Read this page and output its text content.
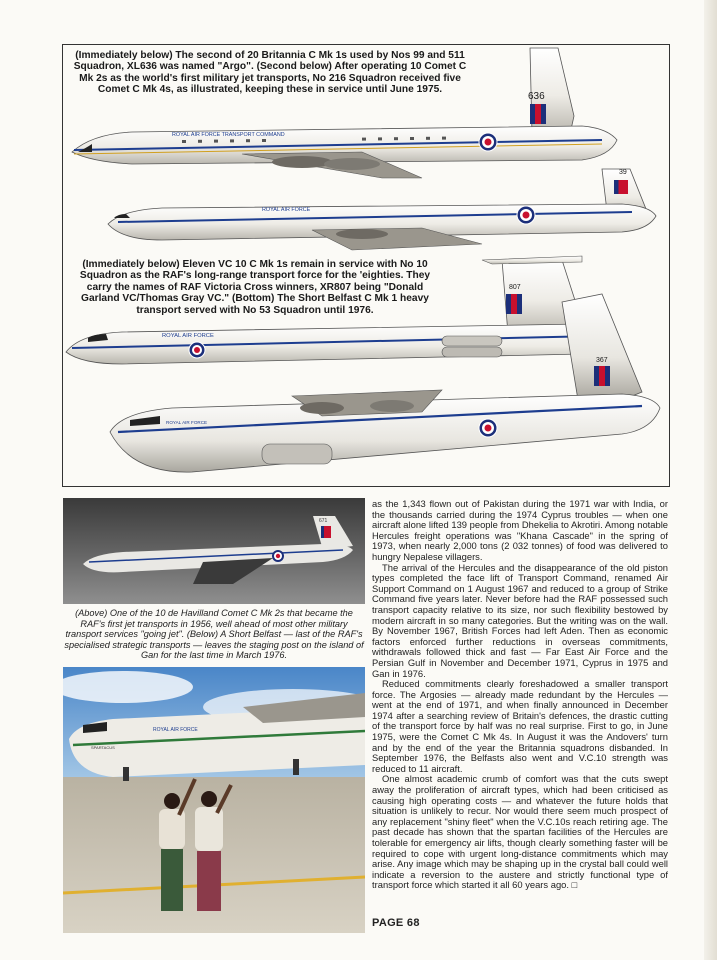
636
ROYAL AIR FORCE TRANSPORT COMMAND
39
ROYAL AIR FORCE
807
ROYAL AIR FORCE
367
ROYAL AIR FORCE
(Immediately below) The second of 20 Britannia C Mk 1s used by Nos 99 and 511 Squadron, XL636 was named "Argo". (Second below) After operating 10 Comet C Mk 2s as the world's first military jet transports, No 216 Squadron received five Comet C Mk 4s, as illustrated, keeping these in service until June 1975.
(Immediately below) Eleven VC 10 C Mk 1s remain in service with No 10 Squadron as the RAF's long-range transport force for the 'eighties. They carry the names of RAF Victoria Cross winners, XR807 being "Donald Garland VC/Thomas Gray VC." (Bottom) The Short Belfast C Mk 1 heavy transport served with No 53 Squadron until 1976.
671
(Above) One of the 10 de Havilland Comet C Mk 2s that became the RAF's first jet transports in 1956, well ahead of most other military transport services "going jet". (Below) A Short Belfast — last of the RAF's specialised strategic transports — leaves the staging post on the island of Gan for the last time in March 1976.
ROYAL AIR FORCE
SPARTACUS

as the 1,343 flown out of Pakistan during the 1971 war with India, or the thousands carried during the 1974 Cyprus troubles — when one aircraft alone lifted 139 people from Dhekelia to Akrotiri. Among notable Hercules freight operations was "Khana Cascade" in the spring of 1973, when nearly 2,000 tons (2 032 tonnes) of food was delivered to hungry Nepalese villagers.

The arrival of the Hercules and the disappearance of the old piston types completed the face lift of Transport Command, renamed Air Support Command on 1 August 1967 and reduced to a group of Strike Command five years later. Never before had the RAF possessed such transport capacity relative to its size, nor such flexibility bestowed by modern aircraft in so many categories. But the writing was on the wall. By November 1967, British Forces had left Aden. Then as economic factors enforced further reductions in overseas commitments, withdrawals followed thick and fast — Far East Air Force and the Persian Gulf in November and December 1971, Cyprus in 1975 and Gan in 1976.

Reduced commitments clearly foreshadowed a smaller transport force. The Argosies — already made redundant by the Hercules — went at the end of 1971, and when finally announced in December 1974 after a searching review of Britain's defences, the drastic cutting of the transport force by half was no real surprise. First to go, in June 1975, were the Comet C Mk 4s. In August it was the Andovers' turn and by the end of the year the Britannia squadrons disbanded. In September 1976, the Belfasts also went and V.C.10 strength was reduced to 11 aircraft.

One almost academic crumb of comfort was that the cuts swept away the proliferation of aircraft types, which had been criticised as causing high operating costs — and whatever the future holds that situation is unlikely to recur. Nor would there seem much prospect of any replacement "shiny fleet" when the V.C.10s reach retiring age. The past decade has shown that the spartan facilities of the Hercules are tolerable for emergency air lifts, though clearly something faster will be required to cope with urgent long-distance commitments which may arise. Any image which may be shaping up in the crystal ball could well indicate a reversion to the austere and strictly functional type of transport force which started it all 60 years ago. □

PAGE 68
